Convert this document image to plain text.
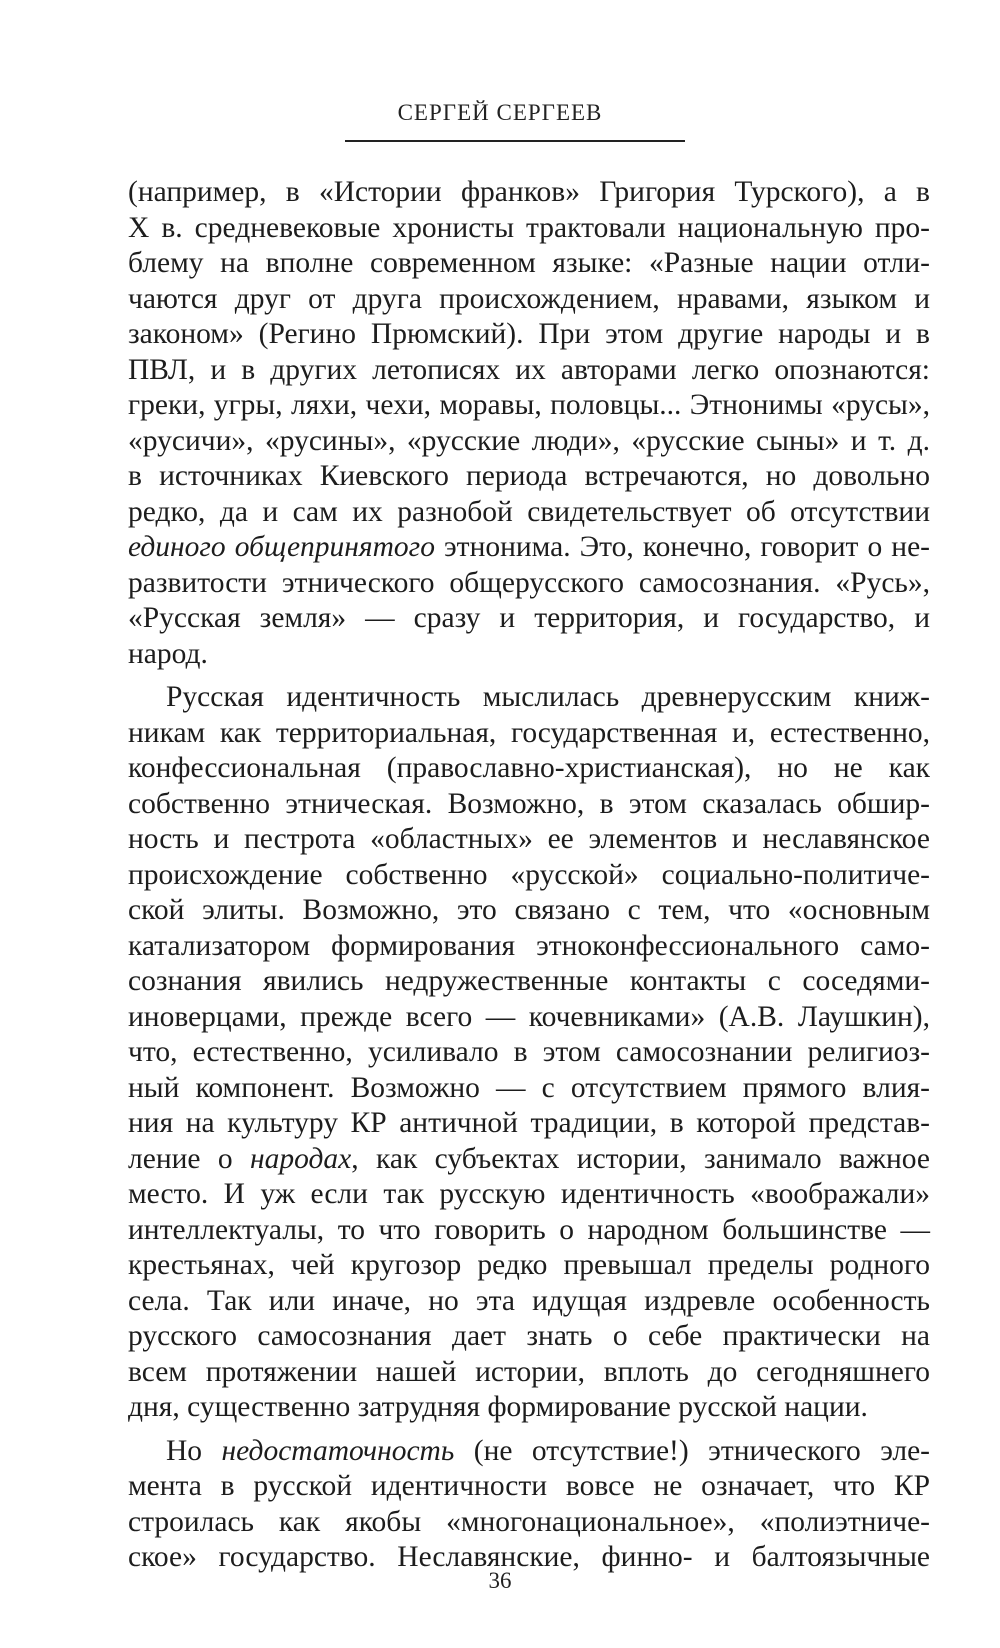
СЕРГЕЙ СЕРГЕЕВ
(например, в «Истории франков» Григория Турского), а в
X в. средневековые хронисты трактовали национальную про-
блему на вполне современном языке: «Разные нации отли-
чаются друг от друга происхождением, нравами, языком и
законом» (Регино Прюмский). При этом другие народы и в
ПВЛ, и в других летописях их авторами легко опознаются:
греки, угры, ляхи, чехи, моравы, половцы... Этнонимы «русы»,
«русичи», «русины», «русские люди», «русские сыны» и т. д.
в источниках Киевского периода встречаются, но довольно
редко, да и сам их разнобой свидетельствует об отсутствии
единого общепринятого этнонима. Это, конечно, говорит о не-
развитости этнического общерусского самосознания. «Русь»,
«Русская земля» — сразу и территория, и государство, и
народ.
Русская идентичность мыслилась древнерусским книж-
никам как территориальная, государственная и, естественно,
конфессиональная (православно-христианская), но не как
собственно этническая. Возможно, в этом сказалась обшир-
ность и пестрота «областных» ее элементов и неславянское
происхождение собственно «русской» социально-политиче-
ской элиты. Возможно, это связано с тем, что «основным
катализатором формирования этноконфессионального само-
сознания явились недружественные контакты с соседями-
иноверцами, прежде всего — кочевниками» (А.В. Лаушкин),
что, естественно, усиливало в этом самосознании религиоз-
ный компонент. Возможно — с отсутствием прямого влия-
ния на культуру КР античной традиции, в которой представ-
ление о народах, как субъектах истории, занимало важное
место. И уж если так русскую идентичность «воображали»
интеллектуалы, то что говорить о народном большинстве —
крестьянах, чей кругозор редко превышал пределы родного
села. Так или иначе, но эта идущая издревле особенность
русского самосознания дает знать о себе практически на
всем протяжении нашей истории, вплоть до сегодняшнего
дня, существенно затрудняя формирование русской нации.
Но недостаточность (не отсутствие!) этнического эле-
мента в русской идентичности вовсе не означает, что КР
строилась как якобы «многонациональное», «полиэтниче-
ское» государство. Неславянские, финно- и балтоязычные
36
